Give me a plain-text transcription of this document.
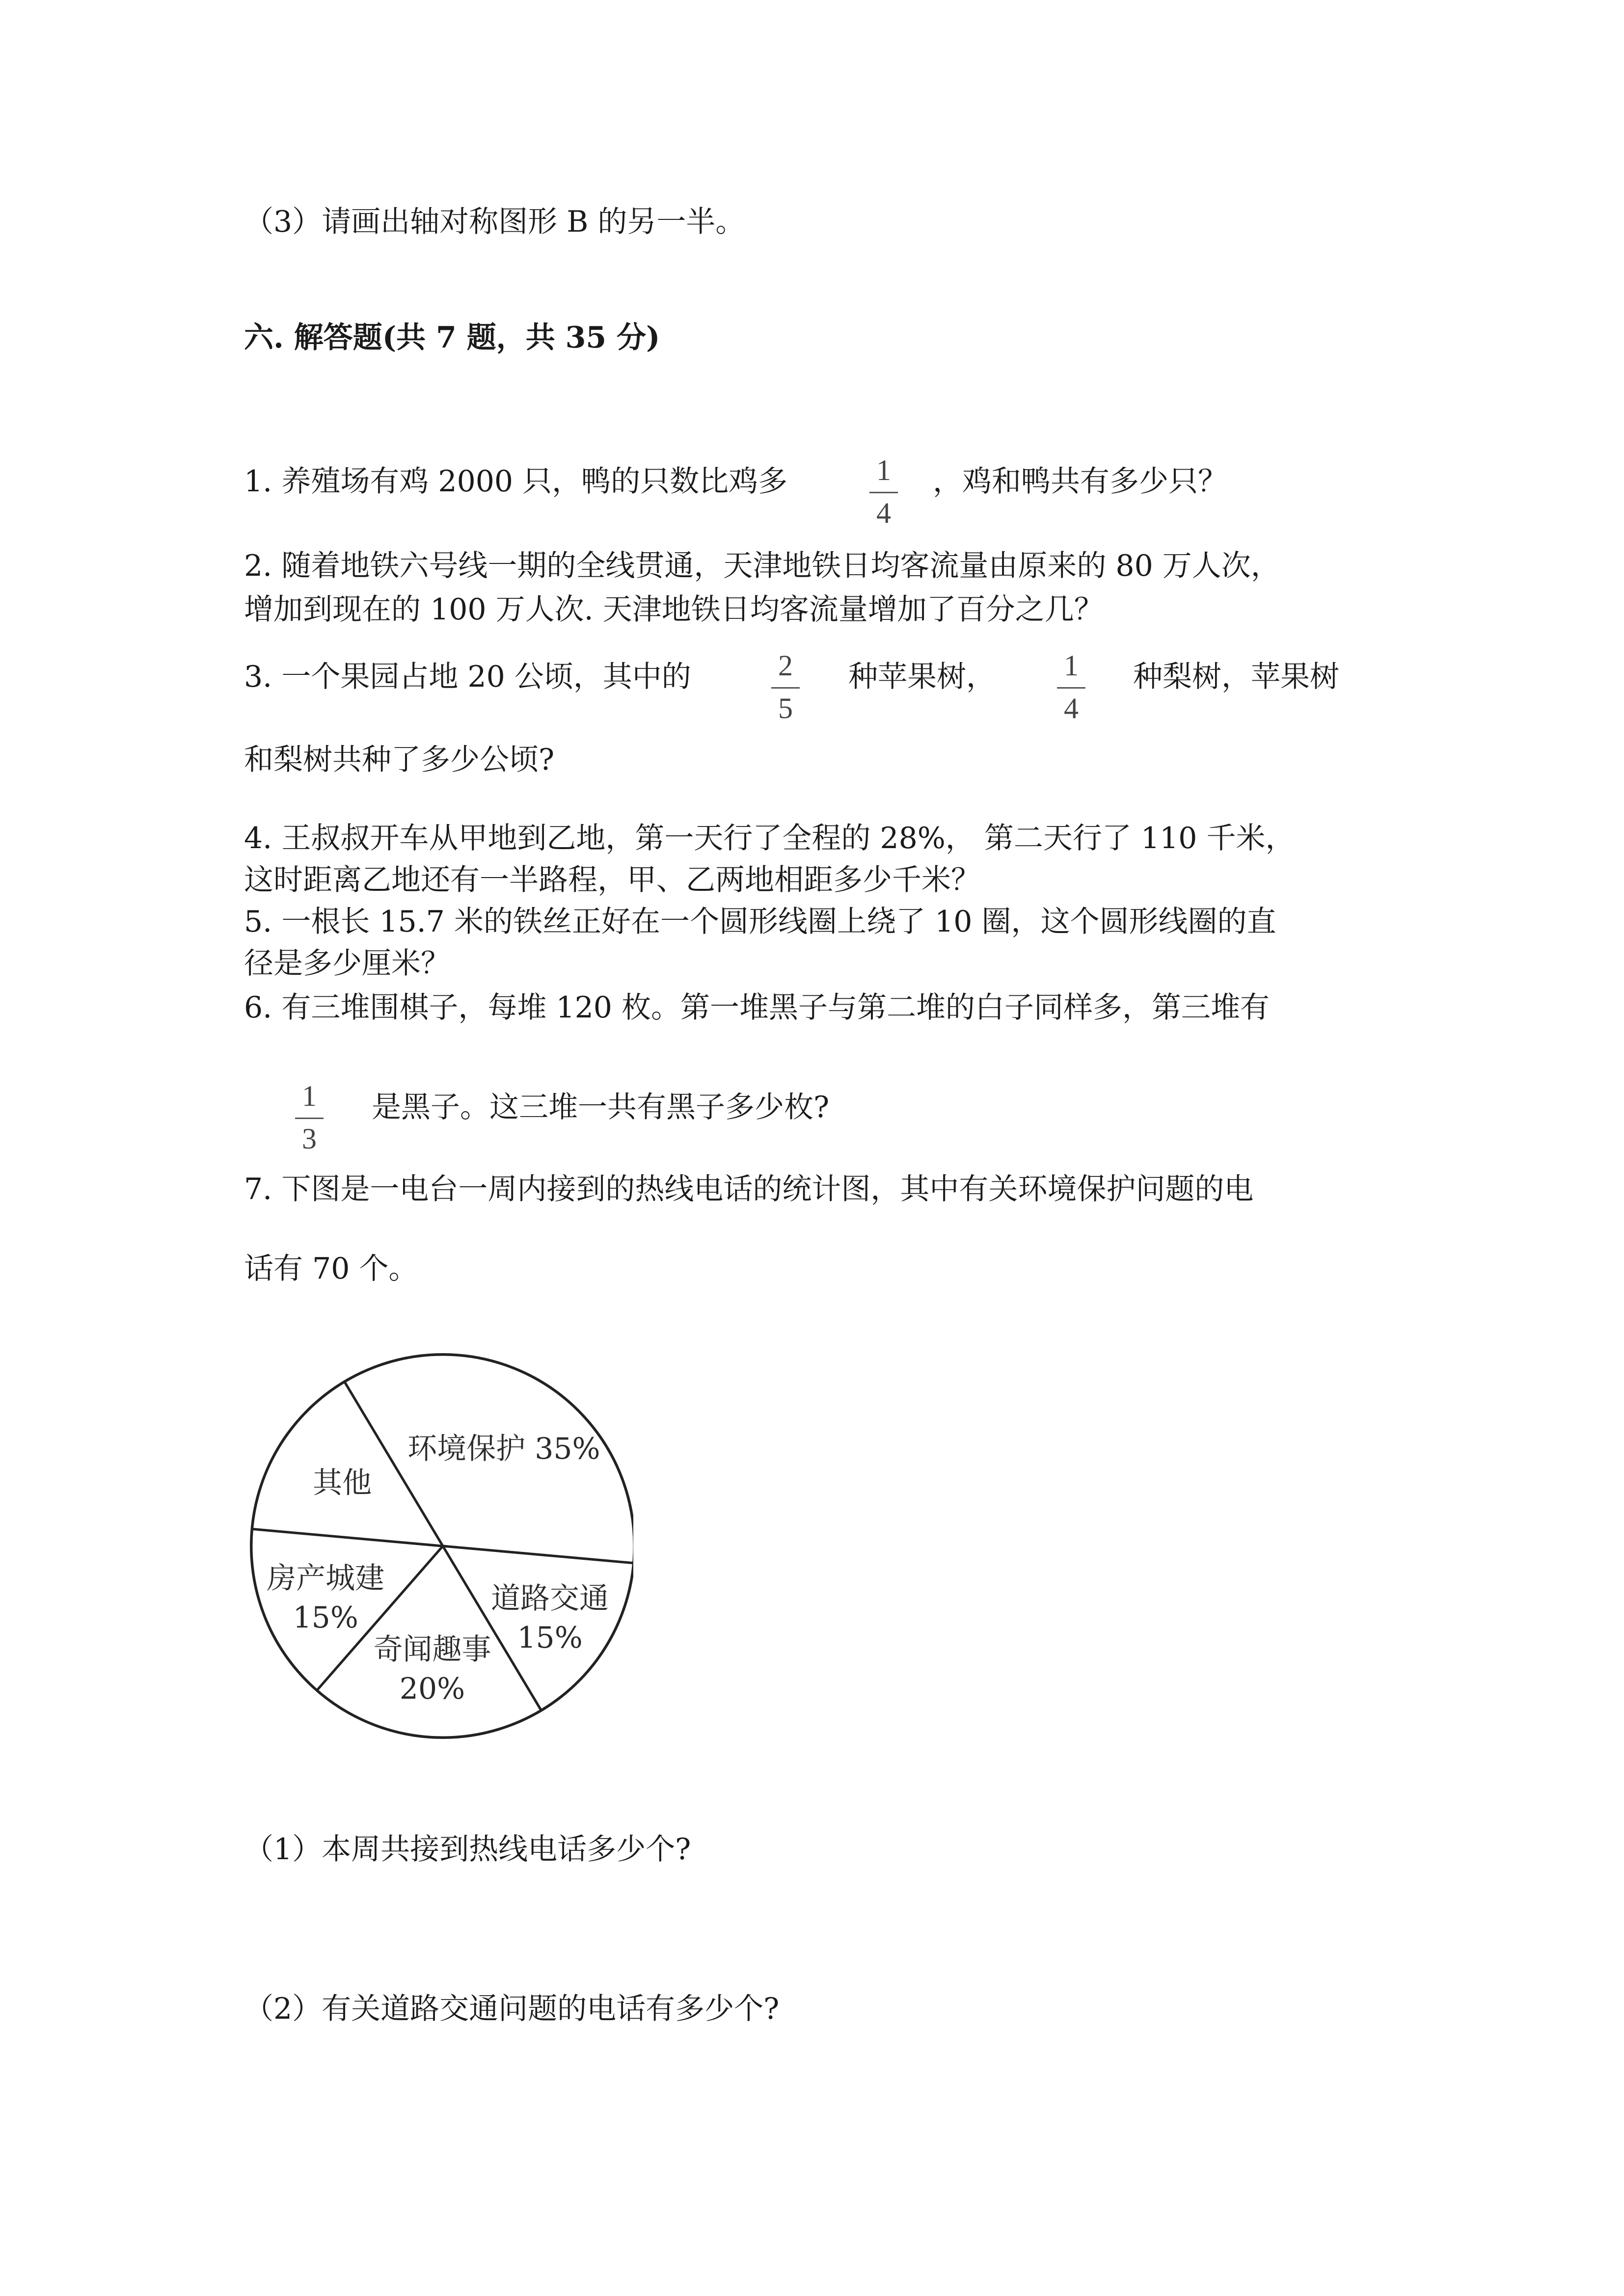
（3）请画出轴对称图形 B 的另一半。
六. 解答题(共 7 题，共 35 分)
1. 养殖场有鸡 2000 只，鸭的只数比鸡多	1
4
，鸡和鸭共有多少只？
2. 随着地铁六号线一期的全线贯通，天津地铁日均客流量由原来的 80 万人次，
增加到现在的 100 万人次. 天津地铁日均客流量增加了百分之几？
3. 一个果园占地 20 公顷，其中的	2
5
种苹果树，	1
4
种梨树，苹果树
和梨树共种了多少公顷?
4. 王叔叔开车从甲地到乙地，第一天行了全程的 28%， 第二天行了 110 千米，
这时距离乙地还有一半路程，甲、乙两地相距多少千米？
5. 一根长 15.7 米的铁丝正好在一个圆形线圈上绕了 10 圈，这个圆形线圈的直
径是多少厘米？
6. 有三堆围棋子，每堆 120 枚。第一堆黑子与第二堆的白子同样多，第三堆有
1
3
是黑子。这三堆一共有黑子多少枚?
7. 下图是一电台一周内接到的热线电话的统计图，其中有关环境保护问题的电
话有 70 个。
环境保护 35%
道路交通
15%
奇闻趣事
20%
房产城建
15%
其他
（1）本周共接到热线电话多少个?
（2）有关道路交通问题的电话有多少个?
